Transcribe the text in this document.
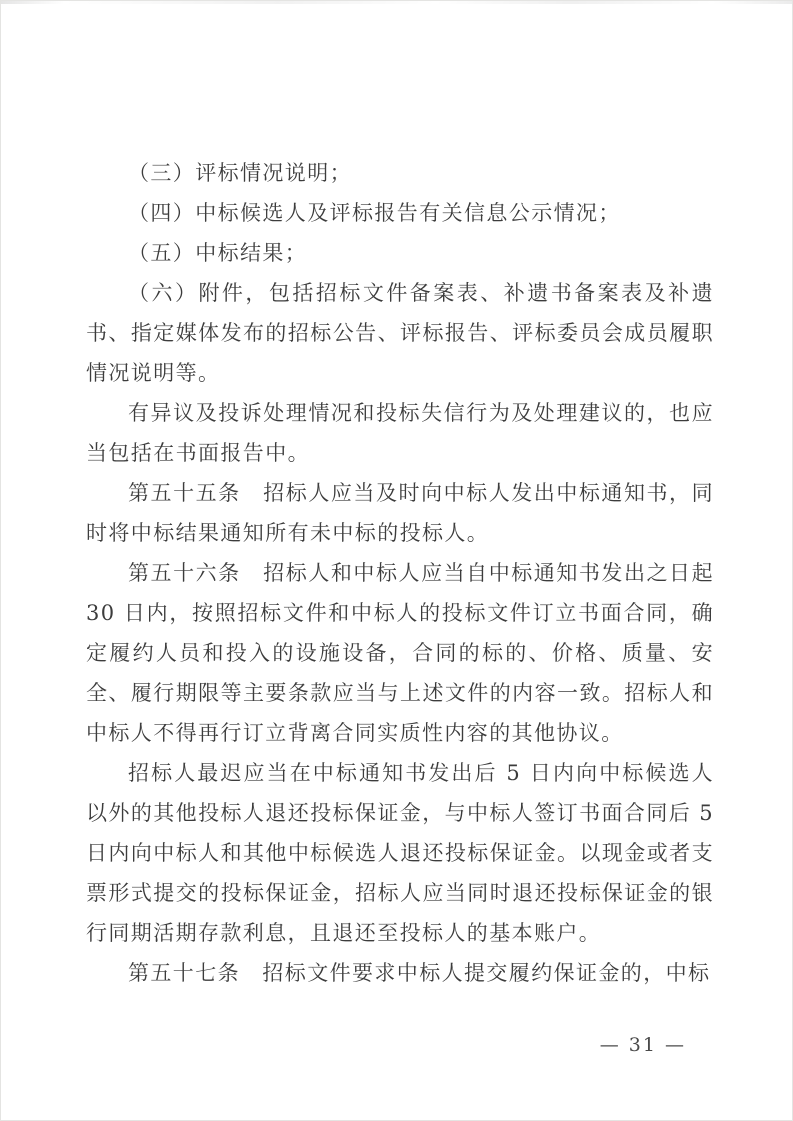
（三）评标情况说明；

（四）中标候选人及评标报告有关信息公示情况；

（五）中标结果；

（六）附件，包括招标文件备案表、补遗书备案表及补遗书、指定媒体发布的招标公告、评标报告、评标委员会成员履职情况说明等。

有异议及投诉处理情况和投标失信行为及处理建议的，也应当包括在书面报告中。

第五十五条　招标人应当及时向中标人发出中标通知书，同时将中标结果通知所有未中标的投标人。

第五十六条　招标人和中标人应当自中标通知书发出之日起 30 日内，按照招标文件和中标人的投标文件订立书面合同，确定履约人员和投入的设施设备，合同的标的、价格、质量、安全、履行期限等主要条款应当与上述文件的内容一致。招标人和中标人不得再行订立背离合同实质性内容的其他协议。

招标人最迟应当在中标通知书发出后 5 日内向中标候选人以外的其他投标人退还投标保证金，与中标人签订书面合同后 5 日内向中标人和其他中标候选人退还投标保证金。以现金或者支票形式提交的投标保证金，招标人应当同时退还投标保证金的银行同期活期存款利息，且退还至投标人的基本账户。

第五十七条　招标文件要求中标人提交履约保证金的，中标

— 31 —
